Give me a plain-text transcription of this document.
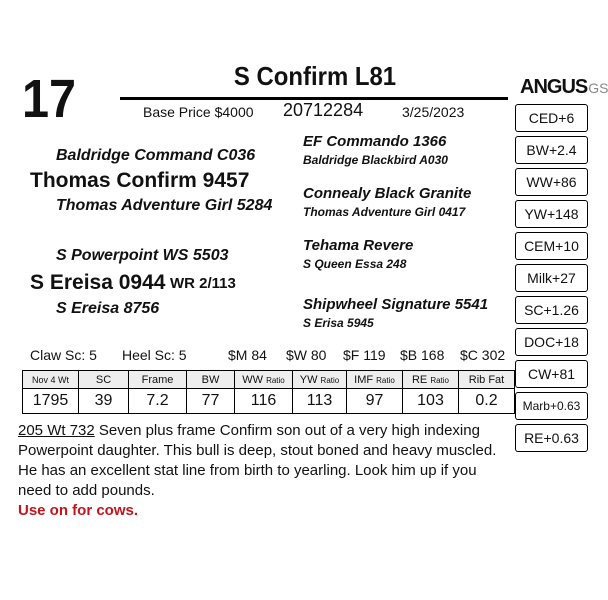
17	S Confirm L81
Base Price $4000 20712284	3/25/2023
ANGUSGS
Baldridge Command C036
Thomas Confirm 9457
Thomas Adventure Girl 5284
S Powerpoint WS 5503
S Ereisa 0944 WR 2/113
S Ereisa 8756
EF Commando 1366
Baldridge Blackbird A030
Connealy Black Granite
Thomas Adventure Girl 0417
Tehama Revere
S Queen Essa 248
Shipwheel Signature 5541
S Erisa 5945
CED+6
BW+2.4
WW+86
YW+148
CEM+10
Milk+27
SC+1.26
DOC+18
CW+81
Marb+0.63
RE+0.63
Claw Sc: 5 Heel Sc: 5	$M 84 $W 80 $F 119 $B 168 $C 302
Nov 4 Wt	SC	Frame	BW	WW Ratio	YW Ratio	IMF Ratio	RE Ratio	Rib Fat
1795	39	7.2	77	116	113	97	103	0.2
205 Wt 732 Seven plus frame Confirm son out of a very high indexing Powerpoint daughter. This bull is deep, stout boned and heavy muscled. He has an excellent stat line from birth to yearling. Look him up if you need to add pounds.
Use on for cows.
